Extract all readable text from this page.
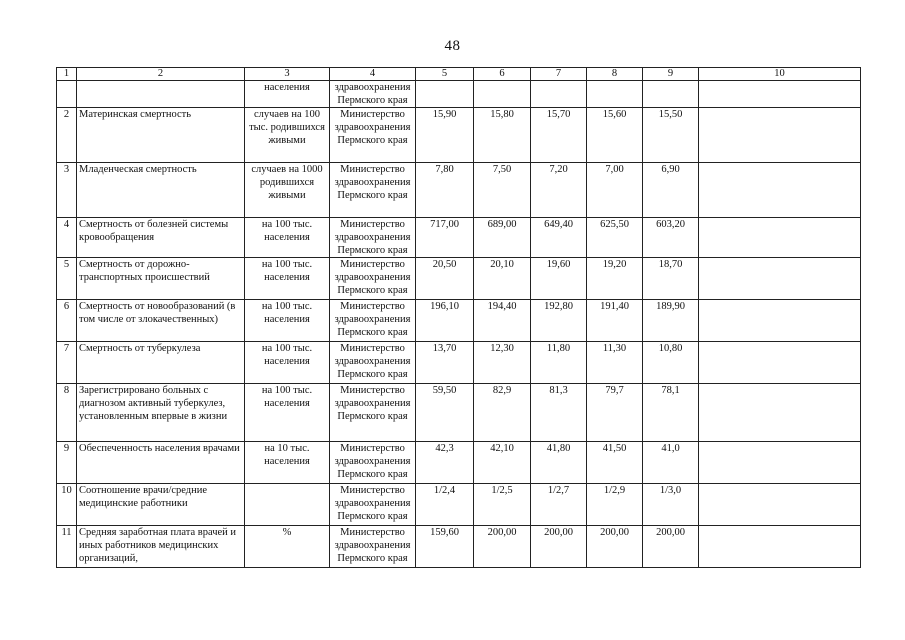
48
1	2	3	4	5	6	7	8	9	10
		населения	здравоохранения Пермского края						
2	Материнская смертность	случаев на 100 тыс. родившихся живыми	Министерство здравоохранения Пермского края	15,90	15,80	15,70	15,60	15,50	
3	Младенческая смертность	случаев на 1000 родившихся живыми	Министерство здравоохранения Пермского края	7,80	7,50	7,20	7,00	6,90	
4	Смертность от болезней системы кровообращения	на 100 тыс. населения	Министерство здравоохранения Пермского края	717,00	689,00	649,40	625,50	603,20	
5	Смертность от дорожно-транспортных происшествий	на 100 тыс. населения	Министерство здравоохранения Пермского края	20,50	20,10	19,60	19,20	18,70	
6	Смертность от новообразований (в том числе от злокачественных)	на 100 тыс. населения	Министерство здравоохранения Пермского края	196,10	194,40	192,80	191,40	189,90	
7	Смертность от туберкулеза	на 100 тыс. населения	Министерство здравоохранения Пермского края	13,70	12,30	11,80	11,30	10,80	
8	Зарегистрировано больных с диагнозом активный туберкулез, установленным впервые в жизни	на 100 тыс. населения	Министерство здравоохранения Пермского края	59,50	82,9	81,3	79,7	78,1	
9	Обеспеченность населения врачами	на 10 тыс. населения	Министерство здравоохранения Пермского края	42,3	42,10	41,80	41,50	41,0	
10	Соотношение врачи/средние медицинские работники		Министерство здравоохранения Пермского края	1/2,4	1/2,5	1/2,7	1/2,9	1/3,0	
11	Средняя заработная плата врачей и иных работников медицинских организаций,	%	Министерство здравоохранения Пермского края	159,60	200,00	200,00	200,00	200,00	
